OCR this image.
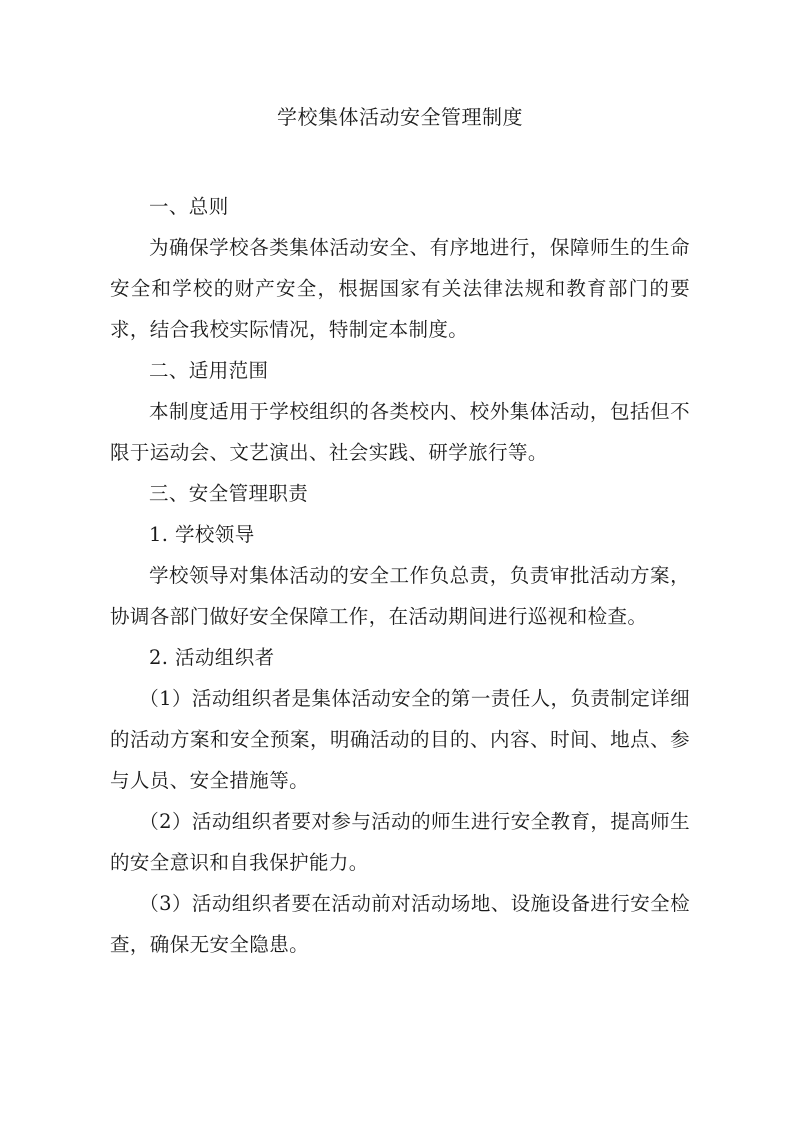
学校集体活动安全管理制度

一、总则

为确保学校各类集体活动安全、有序地进行，保障师生的生命安全和学校的财产安全，根据国家有关法律法规和教育部门的要求，结合我校实际情况，特制定本制度。

二、适用范围

本制度适用于学校组织的各类校内、校外集体活动，包括但不限于运动会、文艺演出、社会实践、研学旅行等。

三、安全管理职责

1. 学校领导

学校领导对集体活动的安全工作负总责，负责审批活动方案，协调各部门做好安全保障工作，在活动期间进行巡视和检查。

2. 活动组织者

（1）活动组织者是集体活动安全的第一责任人，负责制定详细的活动方案和安全预案，明确活动的目的、内容、时间、地点、参与人员、安全措施等。

（2）活动组织者要对参与活动的师生进行安全教育，提高师生的安全意识和自我保护能力。

（3）活动组织者要在活动前对活动场地、设施设备进行安全检查，确保无安全隐患。
